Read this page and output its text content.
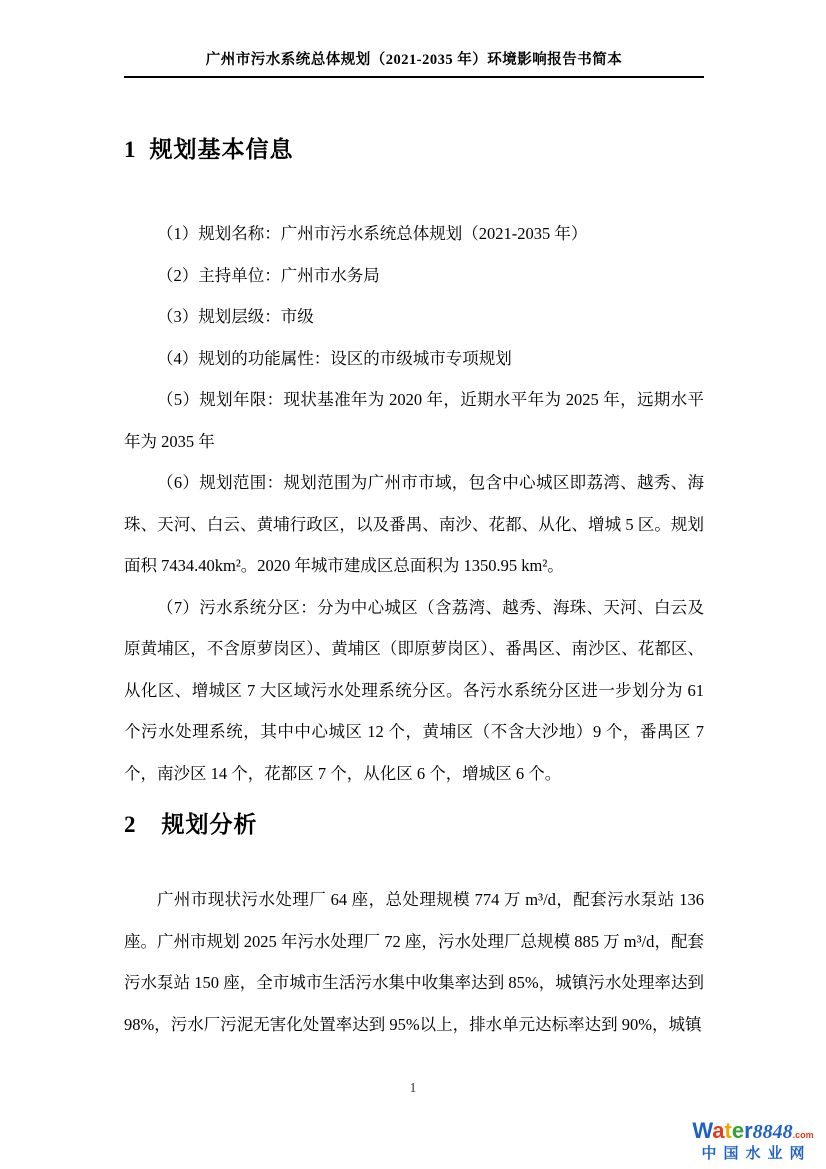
广州市污水系统总体规划（2021-2035 年）环境影响报告书简本
1 规划基本信息

（1）规划名称：广州市污水系统总体规划（2021-2035 年）

（2）主持单位：广州市水务局

（3）规划层级：市级

（4）规划的功能属性：设区的市级城市专项规划

（5）规划年限：现状基准年为 2020 年，近期水平年为 2025 年，远期水平年为 2035 年

（6）规划范围：规划范围为广州市市域，包含中心城区即荔湾、越秀、海珠、天河、白云、黄埔行政区，以及番禺、南沙、花都、从化、增城 5 区。规划面积 7434.40km²。2020 年城市建成区总面积为 1350.95 km²。

（7）污水系统分区：分为中心城区（含荔湾、越秀、海珠、天河、白云及原黄埔区，不含原萝岗区）、黄埔区（即原萝岗区）、番禺区、南沙区、花都区、从化区、增城区 7 大区域污水处理系统分区。各污水系统分区进一步划分为 61 个污水处理系统，其中中心城区 12 个，黄埔区（不含大沙地）9 个，番禺区 7 个，南沙区 14 个，花都区 7 个，从化区 6 个，增城区 6 个。

2 规划分析

广州市现状污水处理厂 64 座，总处理规模 774 万 m³/d，配套污水泵站 136 座。广州市规划 2025 年污水处理厂 72 座，污水处理厂总规模 885 万 m³/d，配套污水泵站 150 座，全市城市生活污水集中收集率达到 85%，城镇污水处理率达到 98%，污水厂污泥无害化处置率达到 95%以上，排水单元达标率达到 90%，城镇

1
Water 8848 .com
中国水业网
